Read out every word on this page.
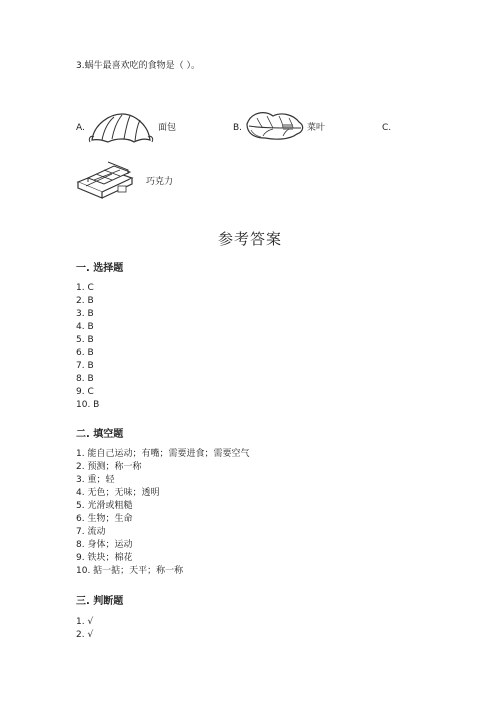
3.蜗牛最喜欢吃的食物是（ ）。
A.	面包	B.	菜叶	C.
巧克力
参考答案
一. 选择题
1. C
2. B
3. B
4. B
5. B
6. B
7. B
8. B
9. C
10. B
二. 填空题
1. 能自己运动；有嘴；需要进食；需要空气
2. 预测；称一称
3. 重；轻
4. 无色；无味；透明
5. 光滑或粗糙
6. 生物；生命
7. 流动
8. 身体；运动
9. 铁块；棉花
10. 掂一掂；天平；称一称
三. 判断题
1. √
2. √
